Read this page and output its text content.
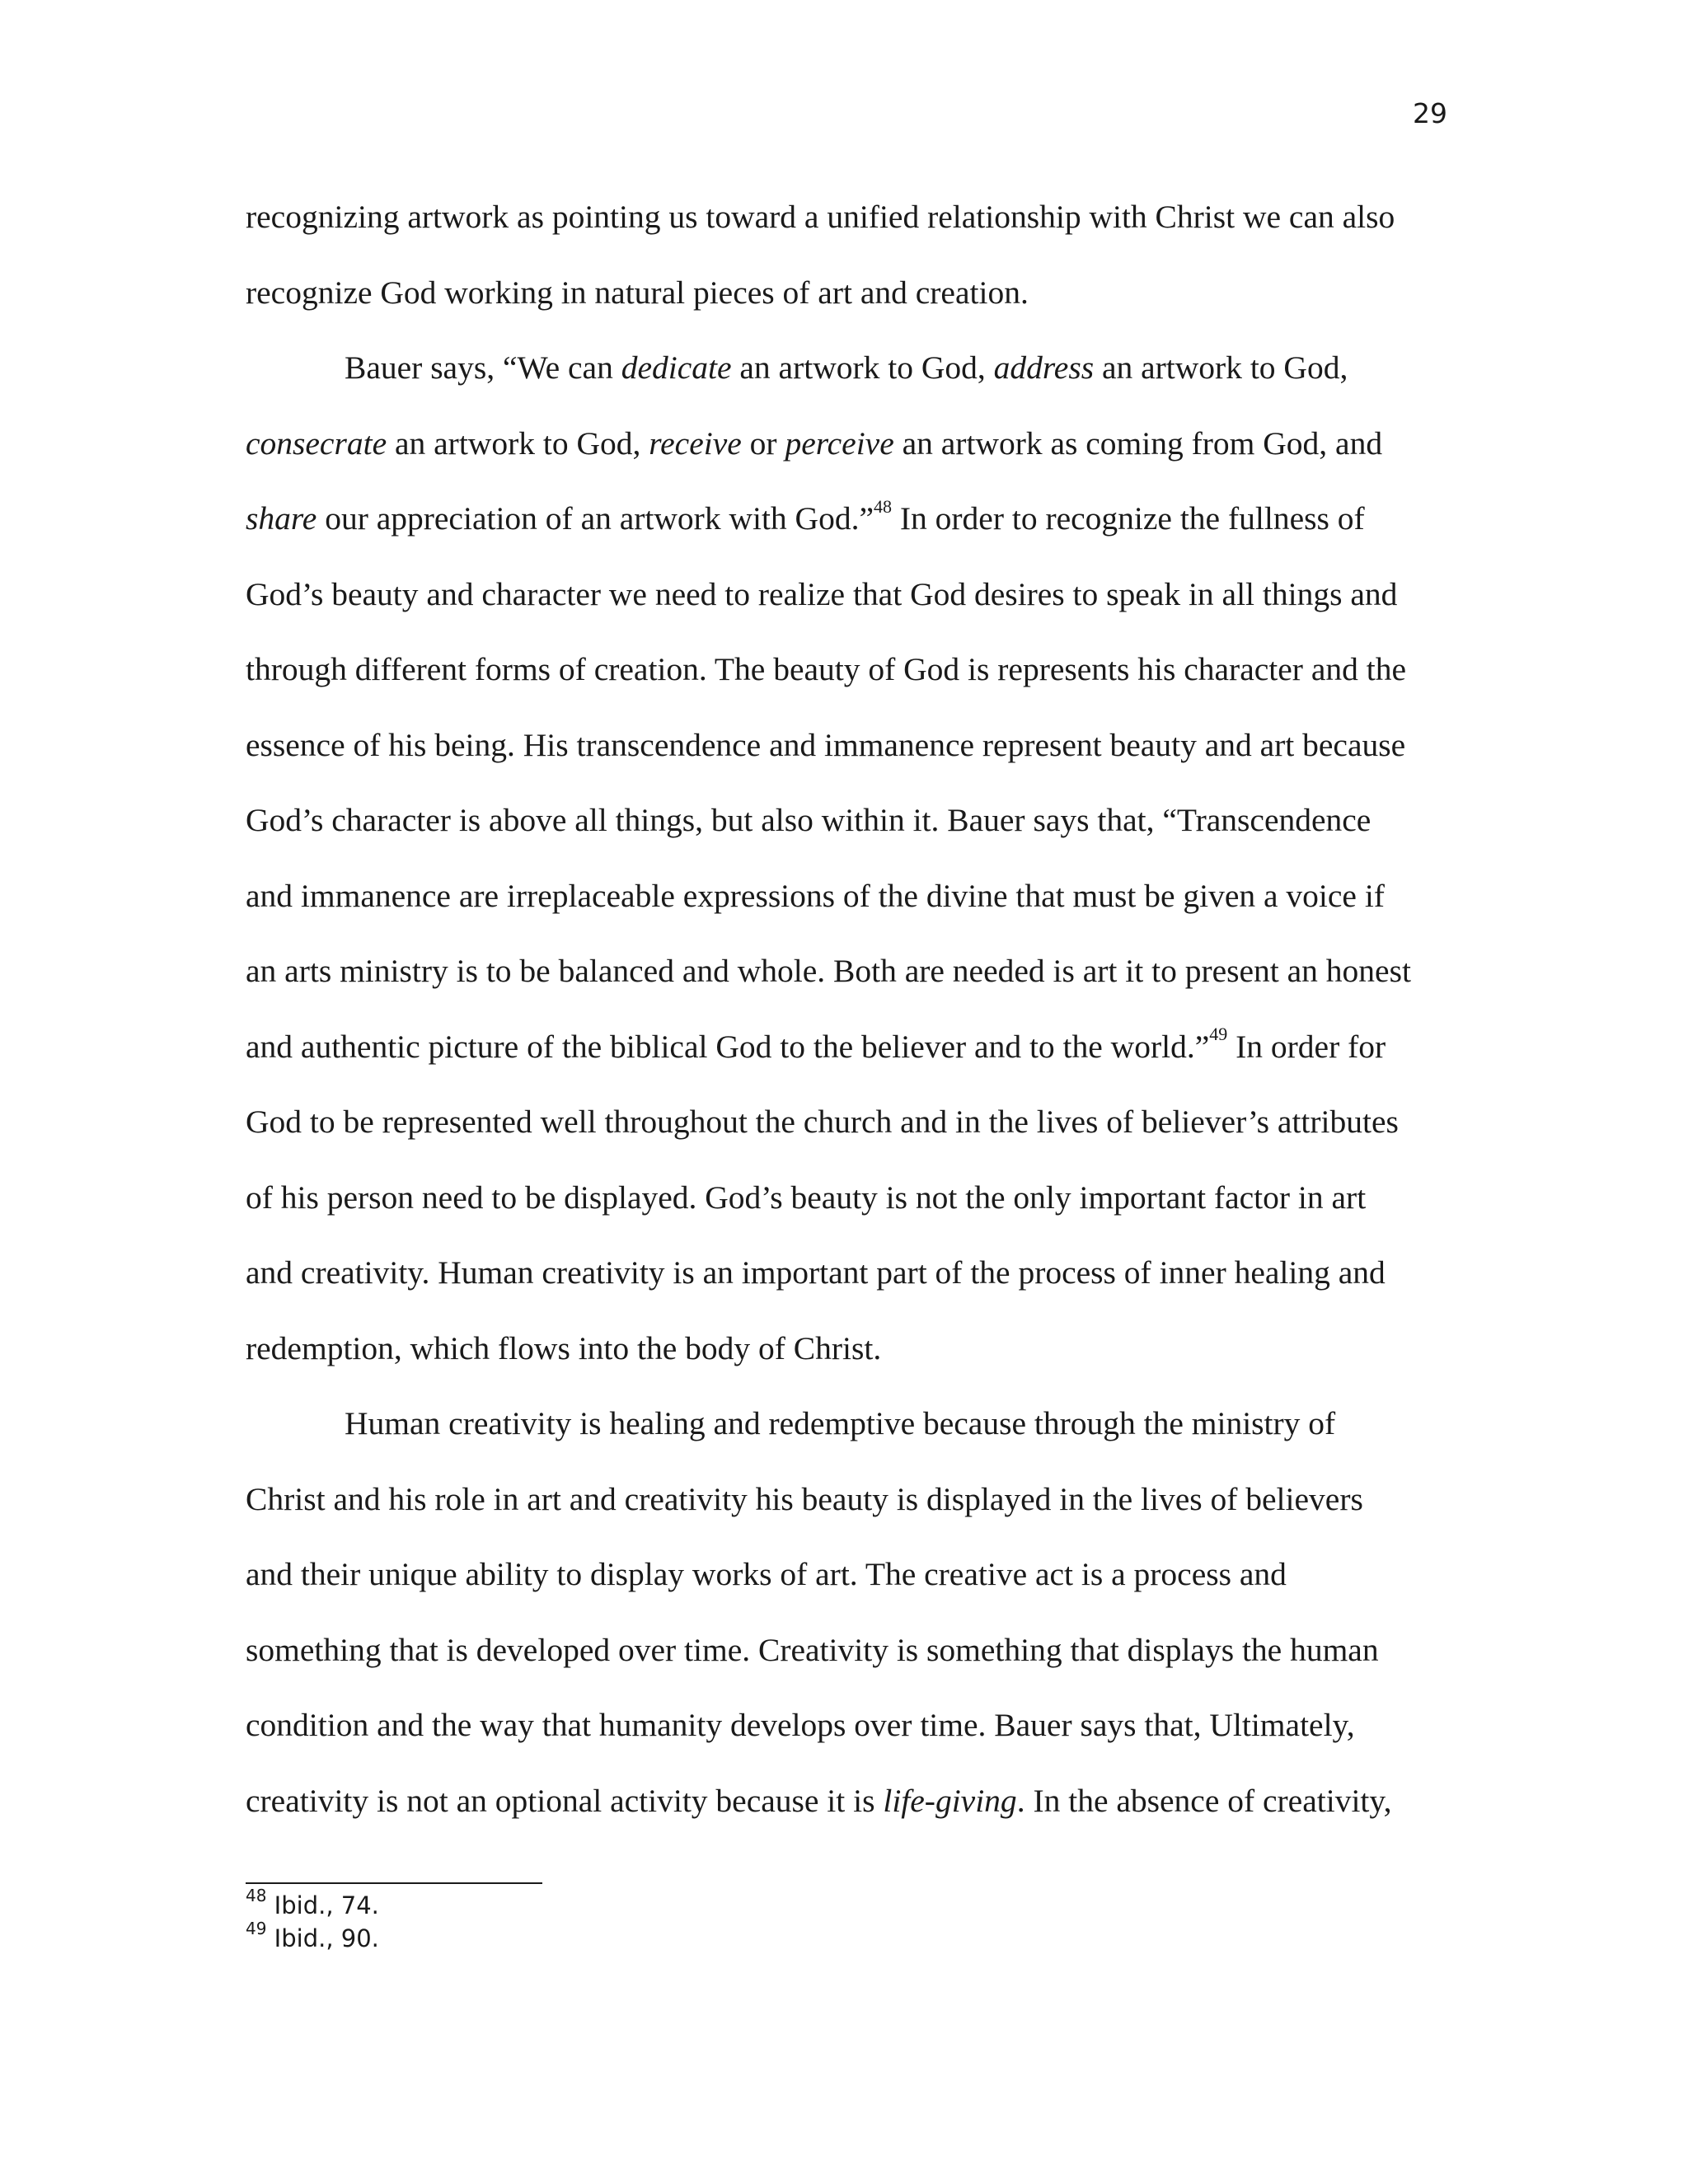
29
recognizing artwork as pointing us toward a unified relationship with Christ we can also
recognize God working in natural pieces of art and creation.
Bauer says, “We can dedicate an artwork to God, address an artwork to God,
consecrate an artwork to God, receive or perceive an artwork as coming from God, and
share our appreciation of an artwork with God.”$^{48}$ In order to recognize the fullness of
God’s beauty and character we need to realize that God desires to speak in all things and
through different forms of creation. The beauty of God is represents his character and the
essence of his being. His transcendence and immanence represent beauty and art because
God’s character is above all things, but also within it. Bauer says that, “Transcendence
and immanence are irreplaceable expressions of the divine that must be given a voice if
an arts ministry is to be balanced and whole. Both are needed is art it to present an honest
and authentic picture of the biblical God to the believer and to the world.”$^{49}$ In order for
God to be represented well throughout the church and in the lives of believer’s attributes
of his person need to be displayed. God’s beauty is not the only important factor in art
and creativity. Human creativity is an important part of the process of inner healing and
redemption, which flows into the body of Christ.
Human creativity is healing and redemptive because through the ministry of
Christ and his role in art and creativity his beauty is displayed in the lives of believers
and their unique ability to display works of art. The creative act is a process and
something that is developed over time. Creativity is something that displays the human
condition and the way that humanity develops over time. Bauer says that, Ultimately,
creativity is not an optional activity because it is life-giving. In the absence of creativity,
$^{48}$ Ibid., 74.
$^{49}$ Ibid., 90.
